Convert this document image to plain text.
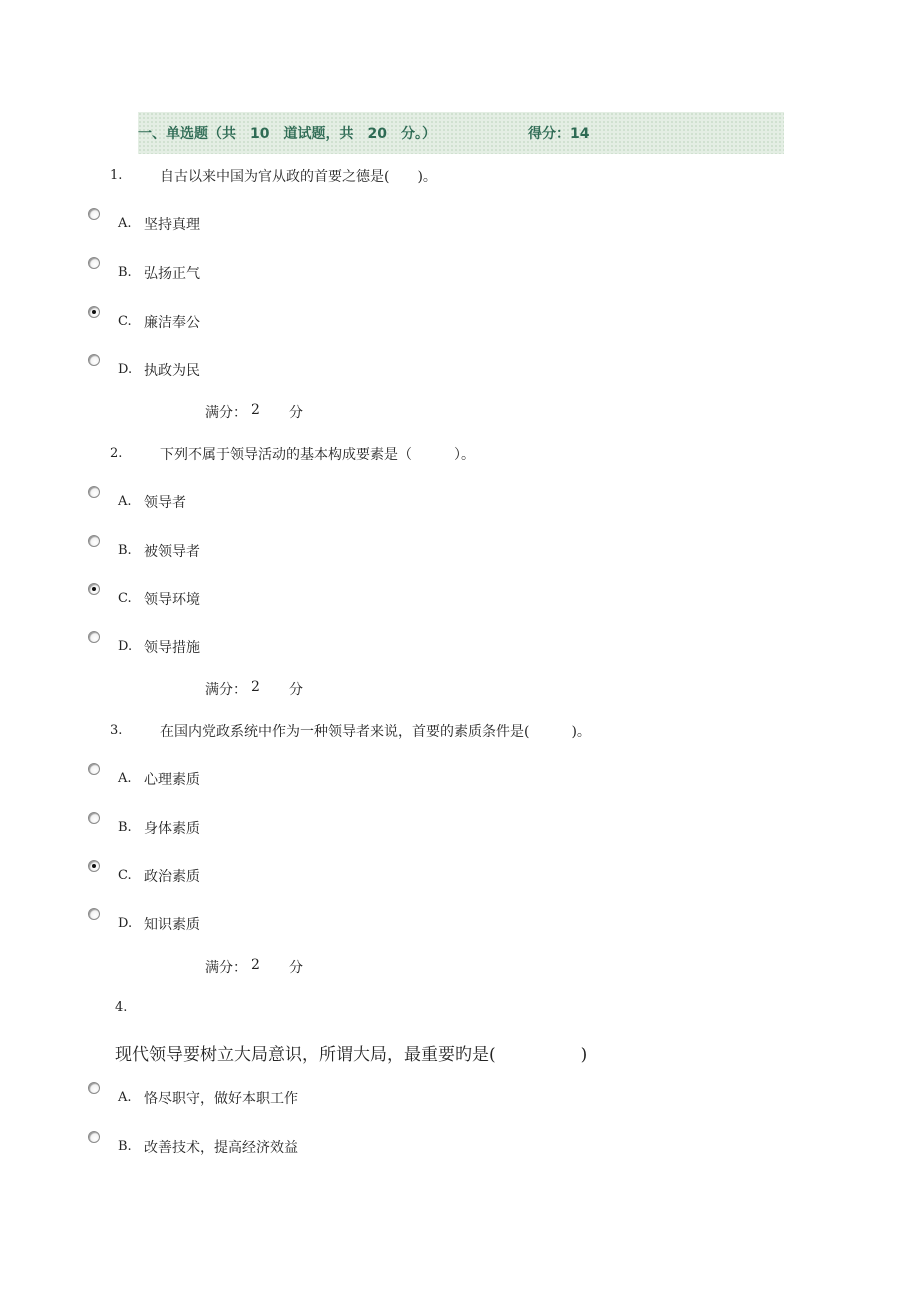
一、单选题（共　10　道试题，共　20　分。）	得分：14
1.	自古以来中国为官从政的首要之德是(　　)。
A. 坚持真理
B. 弘扬正气
C. 廉洁奉公
D. 执政为民
满分： 2 分
2.	下列不属于领导活动的基本构成要素是（　　　）。
A. 领导者
B. 被领导者
C. 领导环境
D. 领导措施
满分： 2 分
3.	在国内党政系统中作为一种领导者来说，首要的素质条件是(　　　)。
A. 心理素质
B. 身体素质
C. 政治素质
D. 知识素质
满分： 2 分
4.
现代领导要树立大局意识，所谓大局，最重要旳是(　　　　　)
A. 恪尽职守，做好本职工作
B. 改善技术，提高经济效益
